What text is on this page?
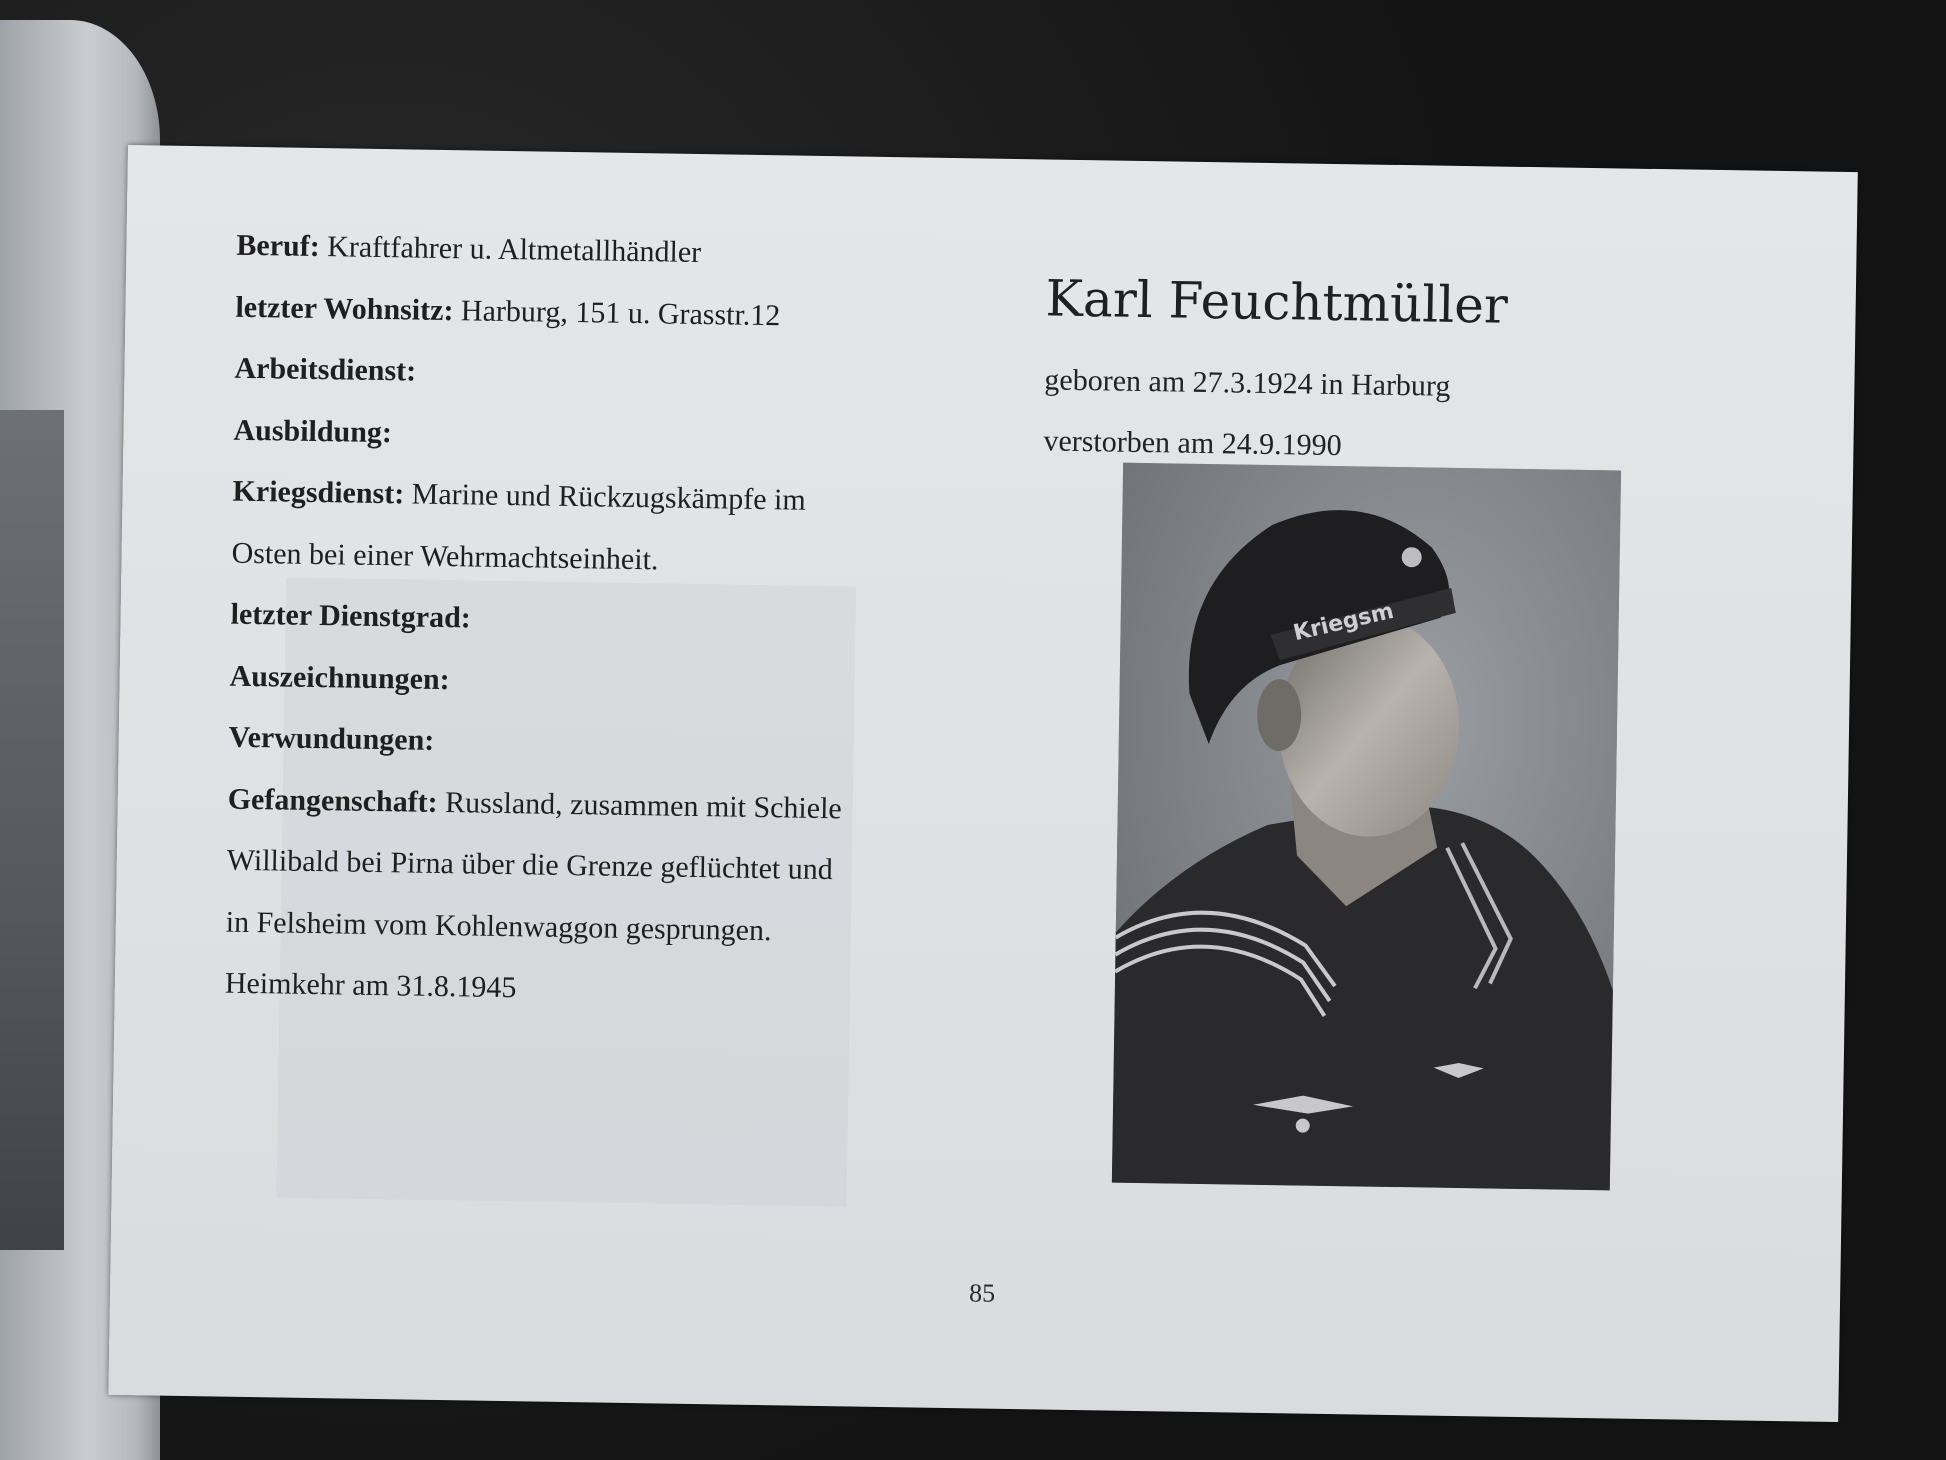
Beruf: Kraftfahrer u. Altmetallhändler
letzter Wohnsitz: Harburg, 151 u. Grasstr.12
Arbeitsdienst:
Ausbildung:
Kriegsdienst: Marine und Rückzugskämpfe im
Osten bei einer Wehrmachtseinheit.
letzter Dienstgrad:
Auszeichnungen:
Verwundungen:
Gefangenschaft: Russland, zusammen mit Schiele
Willibald bei Pirna über die Grenze geflüchtet und
in Felsheim vom Kohlenwaggon gesprungen.
Heimkehr am 31.8.1945
Karl Feuchtmüller
geboren am 27.3.1924 in Harburg
verstorben am 24.9.1990
Kriegsm
85
